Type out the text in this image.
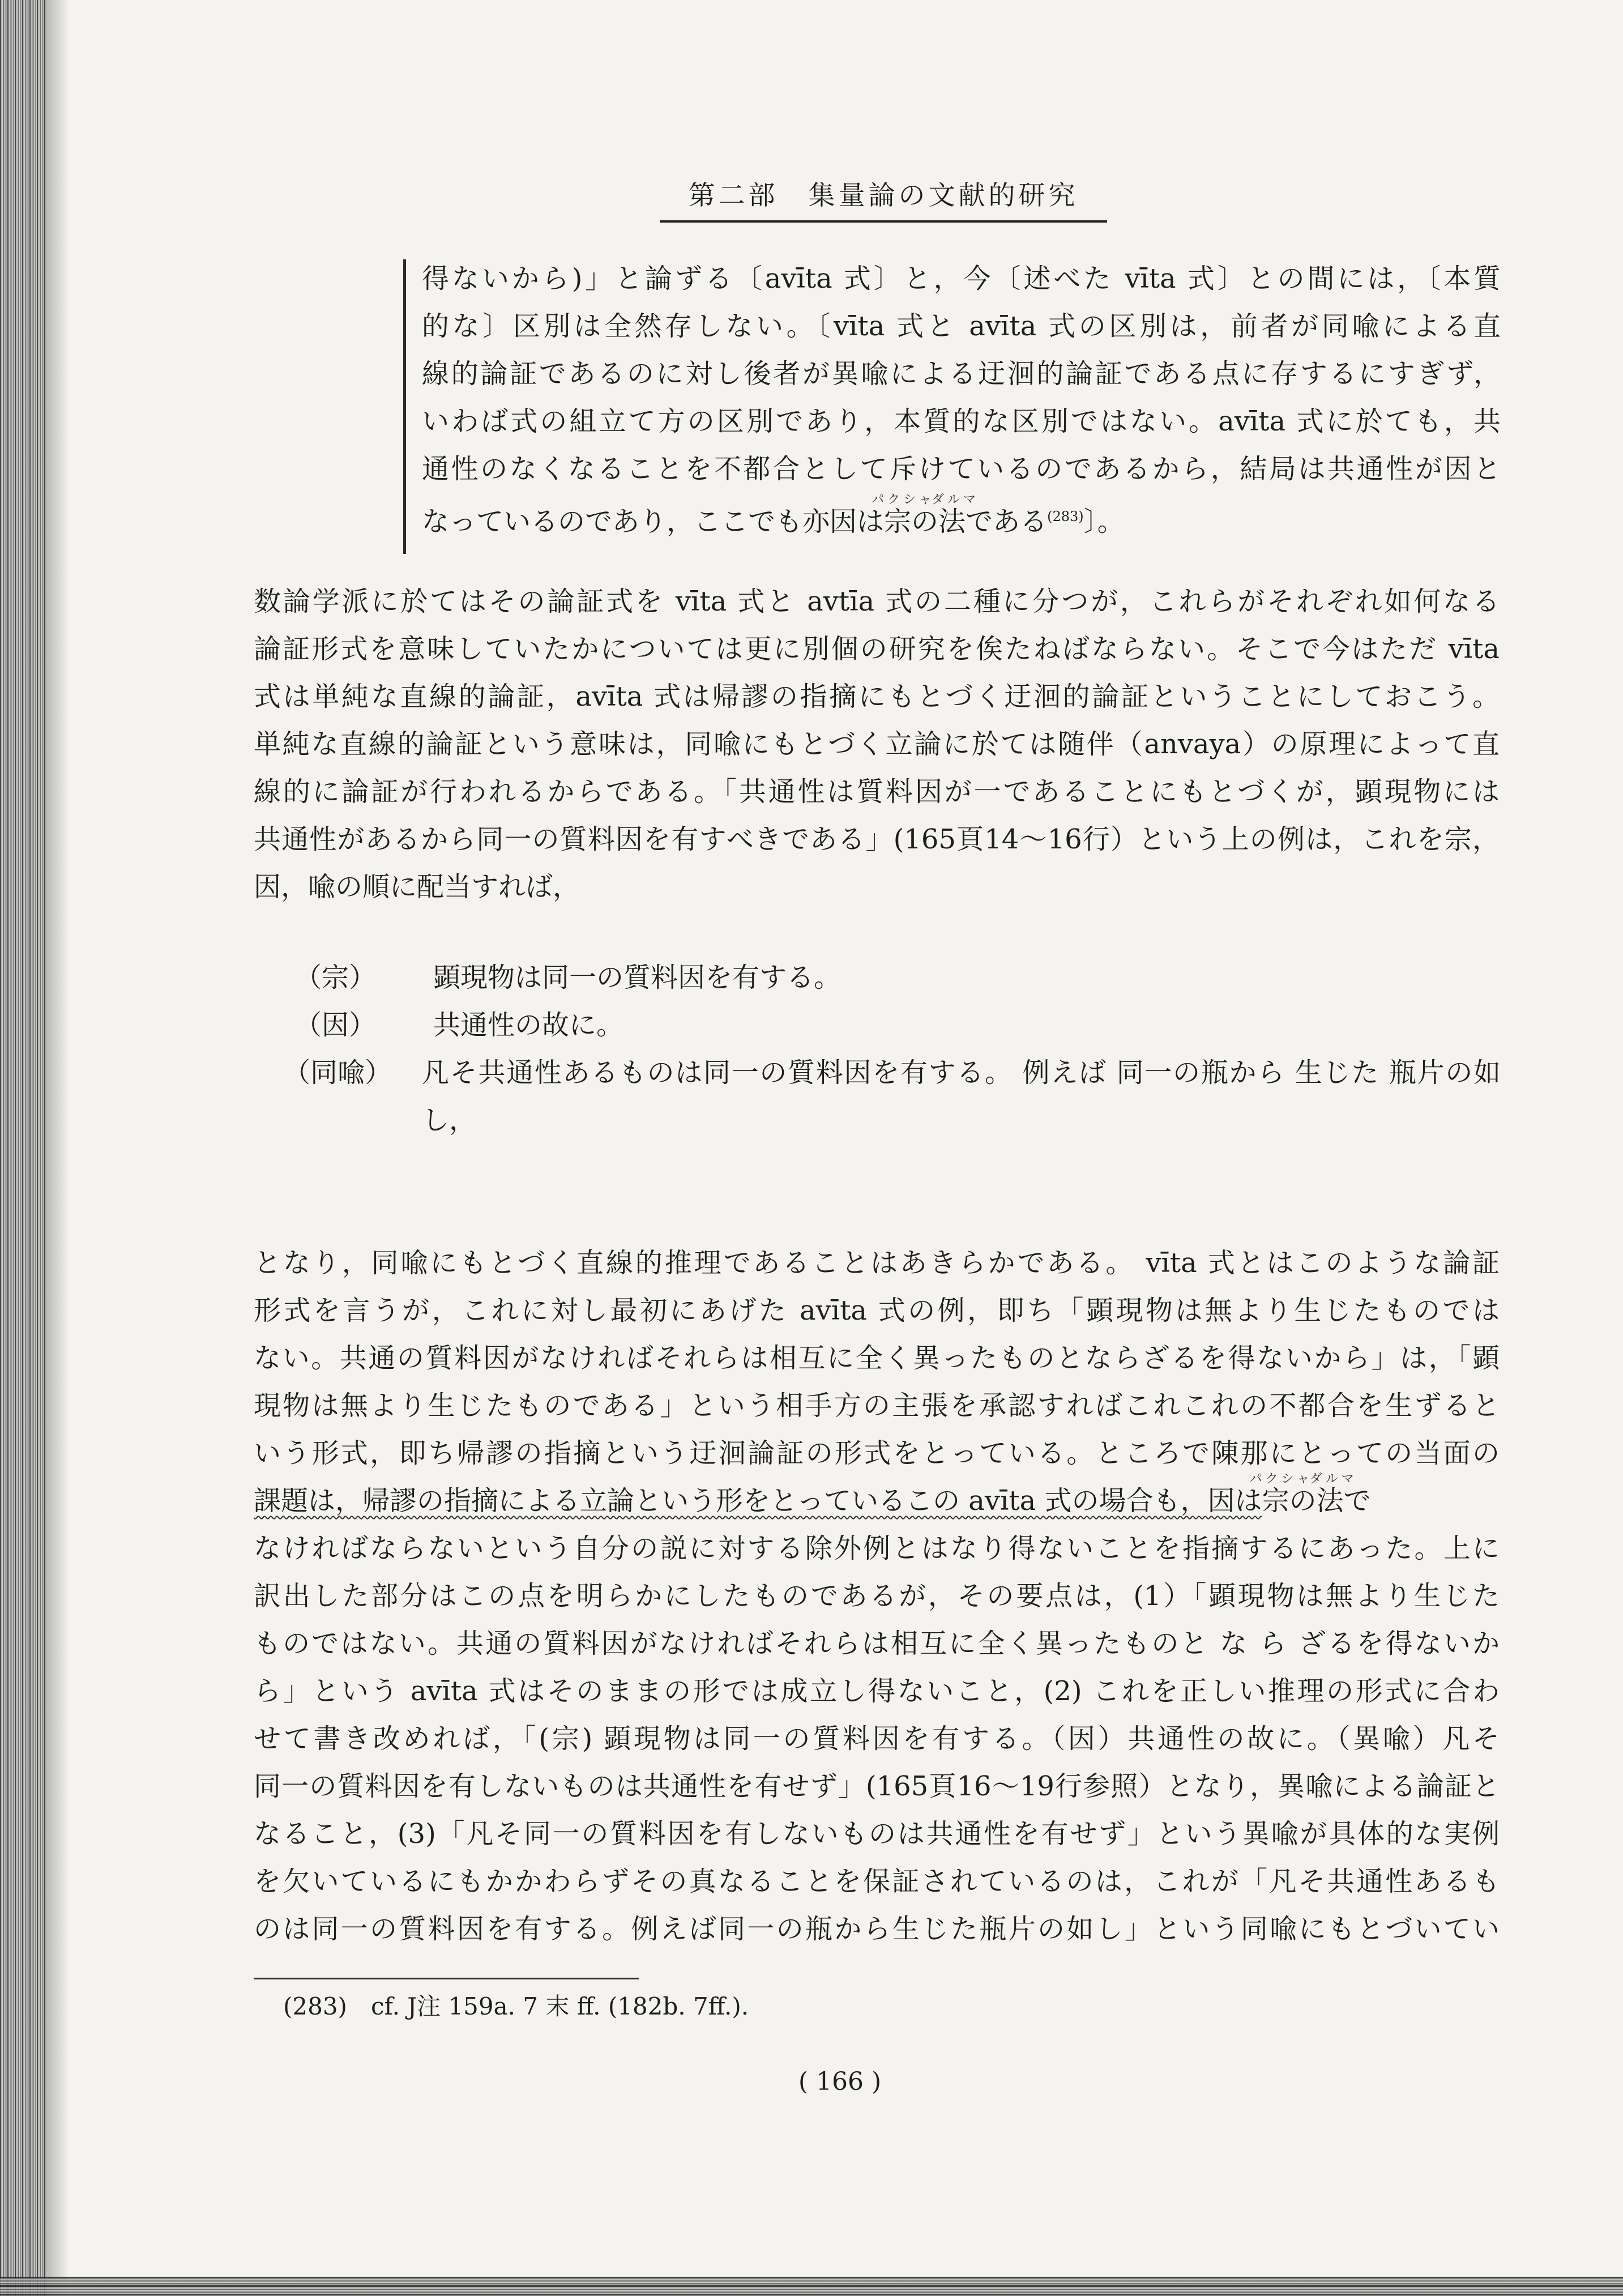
第二部　集量論の文献的研究
得ないから)」と論ずる〔avīta 式〕と，今〔述べた vīta 式〕との間には，〔本質
的な〕区別は全然存しない。〔vīta 式と avīta 式の区別は，前者が同喩による直
線的論証であるのに対し後者が異喩による迂洄的論証である点に存するにすぎず，
いわば式の組立て方の区別であり，本質的な区別ではない。avīta 式に於ても，共
通性のなくなることを不都合として斥けているのであるから，結局は共通性が因と
なっているのであり，ここでも亦因は
パクシャ
宗の
ダルマ
法である$^{(283)}$〕。
数論学派に於てはその論証式を vīta 式と avtīa 式の二種に分つが，これらがそれぞれ如何なる
論証形式を意味していたかについては更に別個の研究を俟たねばならない。そこで今はただ vīta
式は単純な直線的論証，avīta 式は帰謬の指摘にもとづく迂洄的論証ということにしておこう。
単純な直線的論証という意味は，同喩にもとづく立論に於ては随伴（anvaya）の原理によって直
線的に論証が行われるからである。「共通性は質料因が一であることにもとづくが，顕現物には
共通性があるから同一の質料因を有すべきである」(165頁14〜16行）という上の例は，これを宗，
因，喩の順に配当すれば，
（宗）	顕現物は同一の質料因を有する。
（因）	共通性の故に。
（同喩）	凡そ共通性あるものは同一の質料因を有する。 例えば 同一の瓶から 生じた 瓶片の如
し，
となり，同喩にもとづく直線的推理であることはあきらかである。 vīta 式とはこのような論証
形式を言うが，これに対し最初にあげた avīta 式の例，即ち「顕現物は無より生じたものでは
ない。共通の質料因がなければそれらは相互に全く異ったものとならざるを得ないから」は，「顕
現物は無より生じたものである」という相手方の主張を承認すればこれこれの不都合を生ずると
いう形式，即ち帰謬の指摘という迂洄論証の形式をとっている。ところで陳那にとっての当面の
課題は，帰謬の指摘による立論という形をとっているこの avīta 式の場合も，因は
パクシャ
宗の
ダルマ
法で
なければならないという自分の説に対する除外例とはなり得ないことを指摘するにあった。上に
訳出した部分はこの点を明らかにしたものであるが，その要点は，(1）「顕現物は無より生じた
ものではない。共通の質料因がなければそれらは相互に全く異ったものと な ら ざるを得ないか
ら」という avīta 式はそのままの形では成立し得ないこと，(2) これを正しい推理の形式に合わ
せて書き改めれば，「(宗) 顕現物は同一の質料因を有する。（因）共通性の故に。（異喩）凡そ
同一の質料因を有しないものは共通性を有せず」(165頁16〜19行参照）となり，異喩による論証と
なること，(3)「凡そ同一の質料因を有しないものは共通性を有せず」という異喩が具体的な実例
を欠いているにもかかわらずその真なることを保証されているのは，これが「凡そ共通性あるも
のは同一の質料因を有する。例えば同一の瓶から生じた瓶片の如し」という同喩にもとづいてい
(283) cf. J注 159a. 7 末 ff. (182b. 7ff.).
( 166 )
